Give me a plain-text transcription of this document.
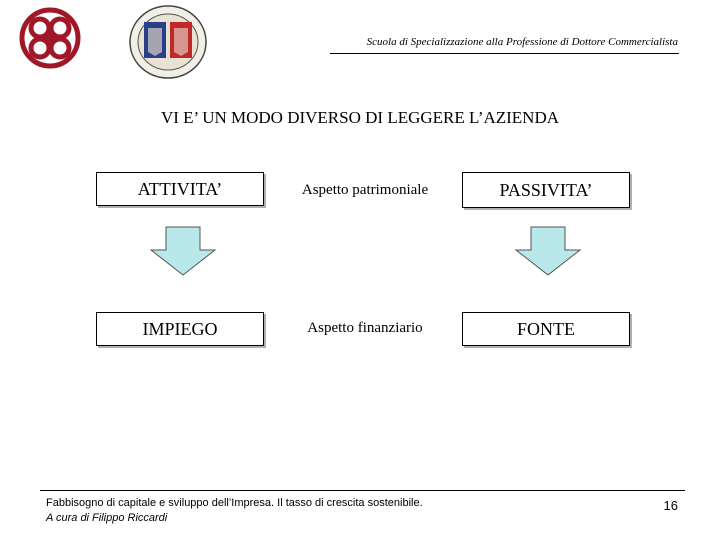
Scuola di Specializzazione alla Professione di Dottore Commercialista
VI E’ UN MODO DIVERSO DI LEGGERE L’AZIENDA
ATTIVITA’	Aspetto patrimoniale	PASSIVITA’
IMPIEGO	Aspetto finanziario	FONTE
Fabbisogno di capitale e sviluppo dell’Impresa. Il tasso di crescita sostenibile.
A cura di Filippo Riccardi
16
